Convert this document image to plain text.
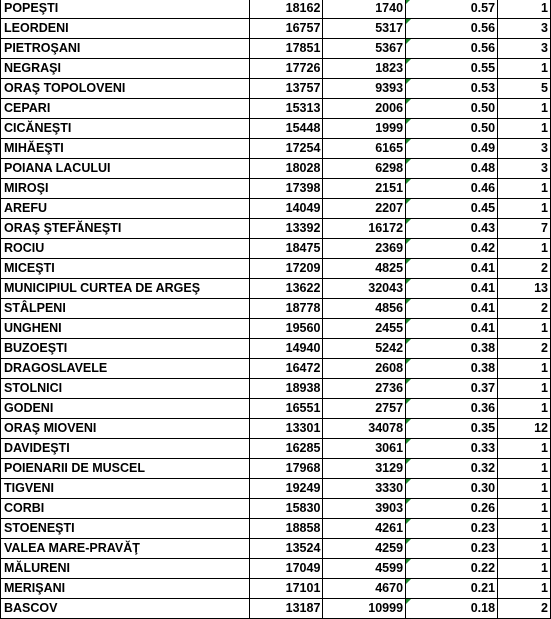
POPEŞTI	18162	1740	0.57	1
LEORDENI	16757	5317	0.56	3
PIETROŞANI	17851	5367	0.56	3
NEGRAŞI	17726	1823	0.55	1
ORAŞ TOPOLOVENI	13757	9393	0.53	5
CEPARI	15313	2006	0.50	1
CICĂNEŞTI	15448	1999	0.50	1
MIHĂEŞTI	17254	6165	0.49	3
POIANA LACULUI	18028	6298	0.48	3
MIROŞI	17398	2151	0.46	1
AREFU	14049	2207	0.45	1
ORAŞ ŞTEFĂNEŞTI	13392	16172	0.43	7
ROCIU	18475	2369	0.42	1
MICEŞTI	17209	4825	0.41	2
MUNICIPIUL CURTEA DE ARGEŞ	13622	32043	0.41	13
STÂLPENI	18778	4856	0.41	2
UNGHENI	19560	2455	0.41	1
BUZOEŞTI	14940	5242	0.38	2
DRAGOSLAVELE	16472	2608	0.38	1
STOLNICI	18938	2736	0.37	1
GODENI	16551	2757	0.36	1
ORAŞ MIOVENI	13301	34078	0.35	12
DAVIDEŞTI	16285	3061	0.33	1
POIENARII DE MUSCEL	17968	3129	0.32	1
TIGVENI	19249	3330	0.30	1
CORBI	15830	3903	0.26	1
STOENEŞTI	18858	4261	0.23	1
VALEA MARE-PRAVĂŢ	13524	4259	0.23	1
MĂLURENI	17049	4599	0.22	1
MERIŞANI	17101	4670	0.21	1
BASCOV	13187	10999	0.18	2
